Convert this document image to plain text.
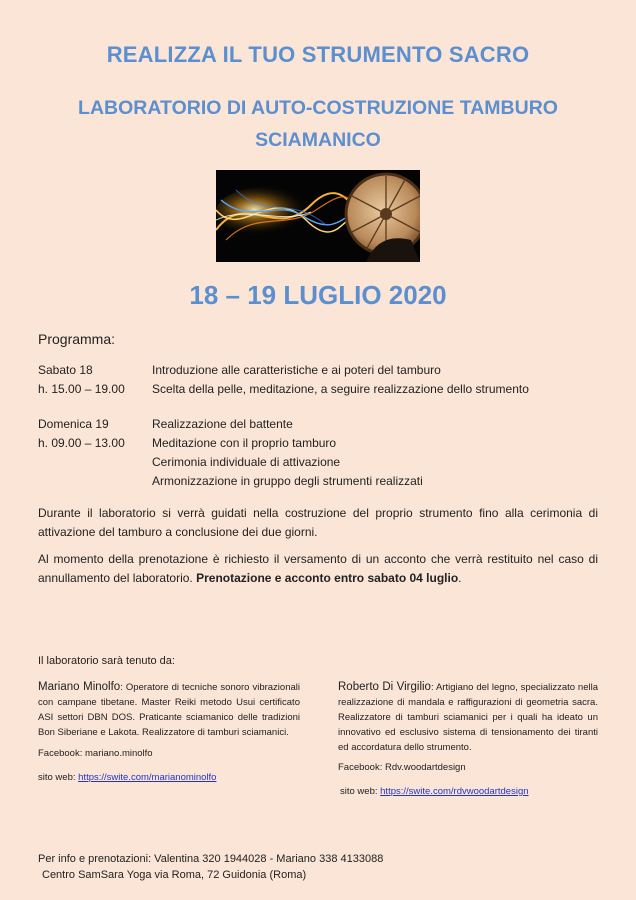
REALIZZA IL TUO STRUMENTO SACRO
LABORATORIO DI AUTO-COSTRUZIONE TAMBURO
SCIAMANICO
18 – 19 LUGLIO 2020
Programma:
Sabato 18
h. 15.00 – 19.00
Introduzione alle caratteristiche e ai poteri del tamburo
Scelta della pelle, meditazione, a seguire realizzazione dello strumento
Domenica 19
h. 09.00 – 13.00
Realizzazione del battente
Meditazione con il proprio tamburo
Cerimonia individuale di attivazione
Armonizzazione in gruppo degli strumenti realizzati
Durante il laboratorio si verrà guidati nella costruzione del proprio strumento fino alla cerimonia di attivazione del tamburo a conclusione dei due giorni.
Al momento della prenotazione è richiesto il versamento di un acconto che verrà restituito nel caso di annullamento del laboratorio. Prenotazione e acconto entro sabato 04 luglio.
Il laboratorio sarà tenuto da:
Mariano Minolfo: Operatore di tecniche sonoro vibrazionali con campane tibetane. Master Reiki metodo Usui certificato ASI settori DBN DOS. Praticante sciamanico delle tradizioni Bon Siberiane e Lakota. Realizzatore di tamburi sciamanici.
Facebook: mariano.minolfo
sito web: https://swite.com/marianominolfo
Roberto Di Virgilio: Artigiano del legno, specializzato nella realizzazione di mandala e raffigurazioni di geometria sacra. Realizzatore di tamburi sciamanici per i quali ha ideato un innovativo ed esclusivo sistema di tensionamento dei tiranti ed accordatura dello strumento.
Facebook: Rdv.woodartdesign
sito web: https://swite.com/rdvwoodartdesign
Per info e prenotazioni: Valentina 320 1944028 - Mariano 338 4133088
Centro SamSara Yoga via Roma, 72 Guidonia (Roma)
